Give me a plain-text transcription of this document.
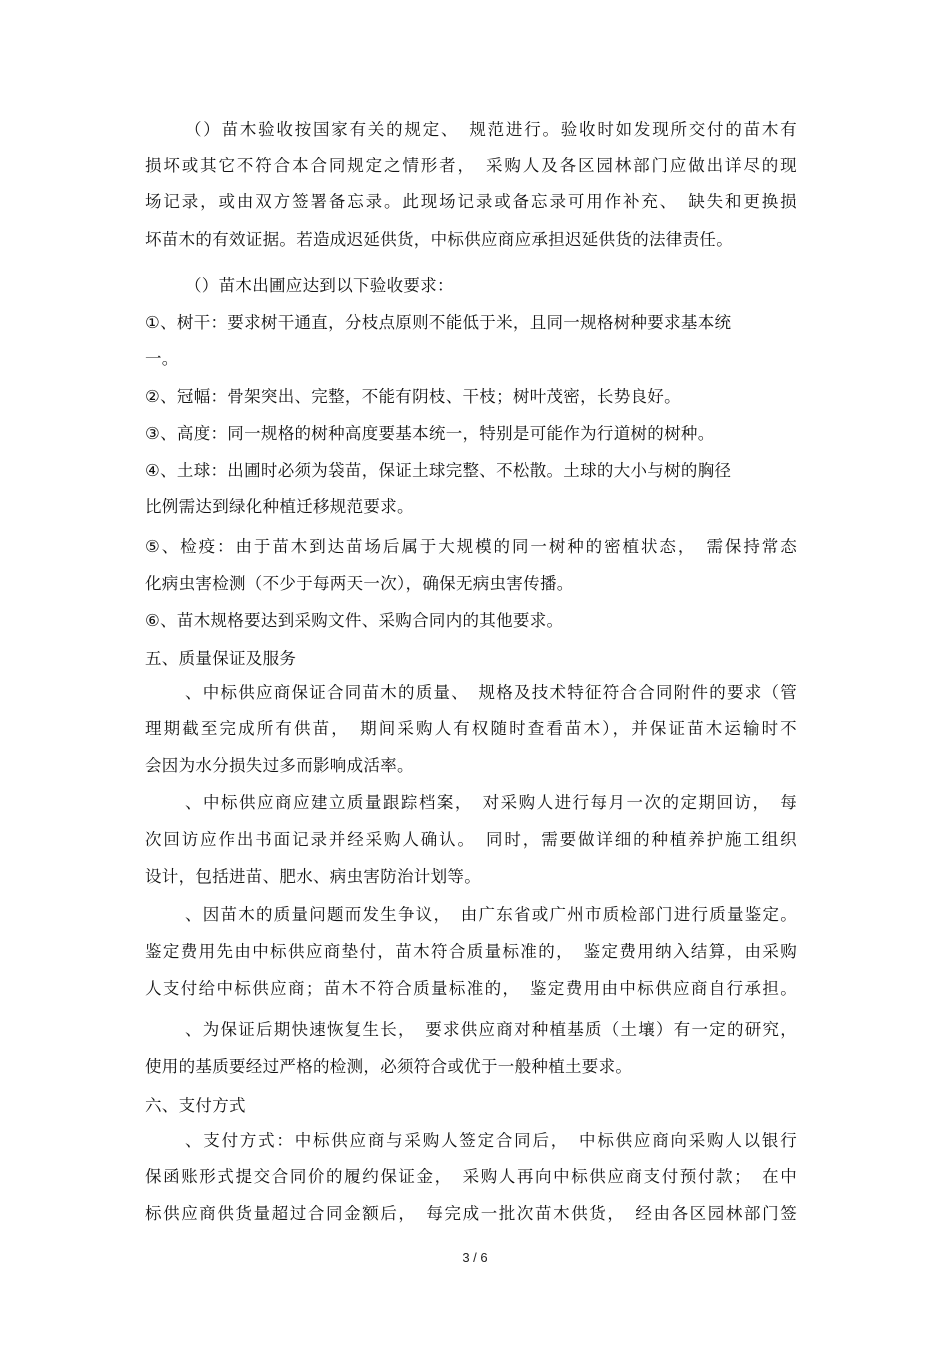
（）苗木验收按国家有关的规定、　规范进行。验收时如发现所交付的苗木有
损坏或其它不符合本合同规定之情形者，　采购人及各区园林部门应做出详尽的现
场记录，或由双方签署备忘录。此现场记录或备忘录可用作补充、　缺失和更换损
坏苗木的有效证据。若造成迟延供货，中标供应商应承担迟延供货的法律责任。
（）苗木出圃应达到以下验收要求：
①、树干：要求树干通直，分枝点原则不能低于米，且同一规格树种要求基本统
一。
②、冠幅：骨架突出、完整，不能有阴枝、干枝；树叶茂密，长势良好。
③、高度：同一规格的树种高度要基本统一，特别是可能作为行道树的树种。
④、土球：出圃时必须为袋苗，保证土球完整、不松散。土球的大小与树的胸径
比例需达到绿化种植迁移规范要求。
⑤、检疫：由于苗木到达苗场后属于大规模的同一树种的密植状态，　需保持常态
化病虫害检测（不少于每两天一次），确保无病虫害传播。
⑥、苗木规格要达到采购文件、采购合同内的其他要求。
五、质量保证及服务
、中标供应商保证合同苗木的质量、　规格及技术特征符合合同附件的要求（管
理期截至完成所有供苗，　期间采购人有权随时查看苗木），并保证苗木运输时不
会因为水分损失过多而影响成活率。
、中标供应商应建立质量跟踪档案，　对采购人进行每月一次的定期回访，　每
次回访应作出书面记录并经采购人确认。　同时，需要做详细的种植养护施工组织
设计，包括进苗、肥水、病虫害防治计划等。
、因苗木的质量问题而发生争议，　由广东省或广州市质检部门进行质量鉴定。
鉴定费用先由中标供应商垫付，苗木符合质量标准的，　鉴定费用纳入结算，由采购
人支付给中标供应商；苗木不符合质量标准的，　鉴定费用由中标供应商自行承担。
、为保证后期快速恢复生长，　要求供应商对种植基质（土壤）有一定的研究，
使用的基质要经过严格的检测，必须符合或优于一般种植土要求。
六、支付方式
、支付方式：中标供应商与采购人签定合同后，　中标供应商向采购人以银行
保函账形式提交合同价的履约保证金，　采购人再向中标供应商支付预付款；　在中
标供应商供货量超过合同金额后，　每完成一批次苗木供货，　经由各区园林部门签
3 / 6
